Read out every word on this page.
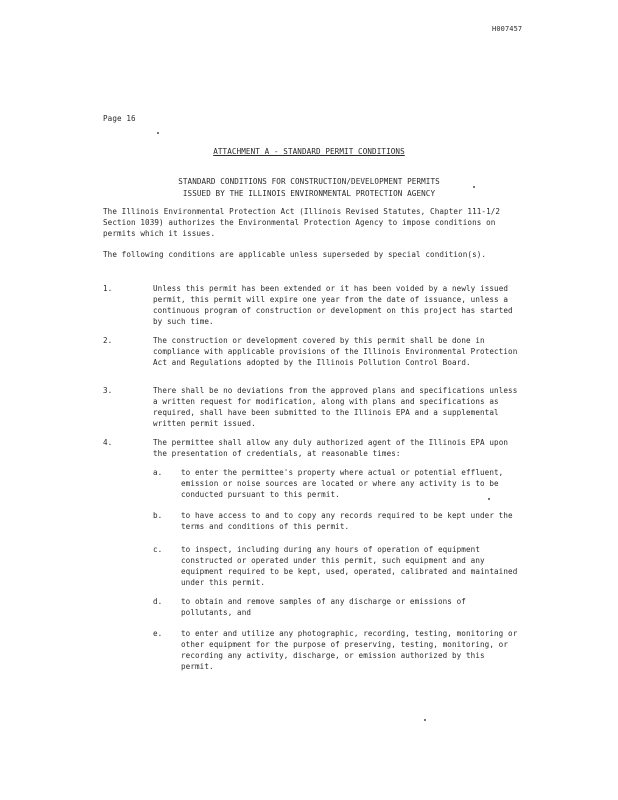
H007457
Page 16
ATTACHMENT A - STANDARD PERMIT CONDITIONS
STANDARD CONDITIONS FOR CONSTRUCTION/DEVELOPMENT PERMITS
ISSUED BY THE ILLINOIS ENVIRONMENTAL PROTECTION AGENCY
The Illinois Environmental Protection Act (Illinois Revised Statutes, Chapter 111-1/2 Section 1039) authorizes the Environmental Protection Agency to impose conditions on permits which it issues.
The following conditions are applicable unless superseded by special condition(s).
1.	Unless this permit has been extended or it has been voided by a newly issued permit, this permit will expire one year from the date of issuance, unless a continuous program of construction or development on this project has started by such time.
2.	The construction or development covered by this permit shall be done in compliance with applicable provisions of the Illinois Environmental Protection Act and Regulations adopted by the Illinois Pollution Control Board.
3.	There shall be no deviations from the approved plans and specifications unless a written request for modification, along with plans and specifications as required, shall have been submitted to the Illinois EPA and a supplemental written permit issued.
4.	The permittee shall allow any duly authorized agent of the Illinois EPA upon the presentation of credentials, at reasonable times:
a. to enter the permittee's property where actual or potential effluent, emission or noise sources are located or where any activity is to be conducted pursuant to this permit.
b. to have access to and to copy any records required to be kept under the terms and conditions of this permit.
c. to inspect, including during any hours of operation of equipment constructed or operated under this permit, such equipment and any equipment required to be kept, used, operated, calibrated and maintained under this permit.
d. to obtain and remove samples of any discharge or emissions of pollutants, and
e. to enter and utilize any photographic, recording, testing, monitoring or other equipment for the purpose of preserving, testing, monitoring, or recording any activity, discharge, or emission authorized by this permit.
